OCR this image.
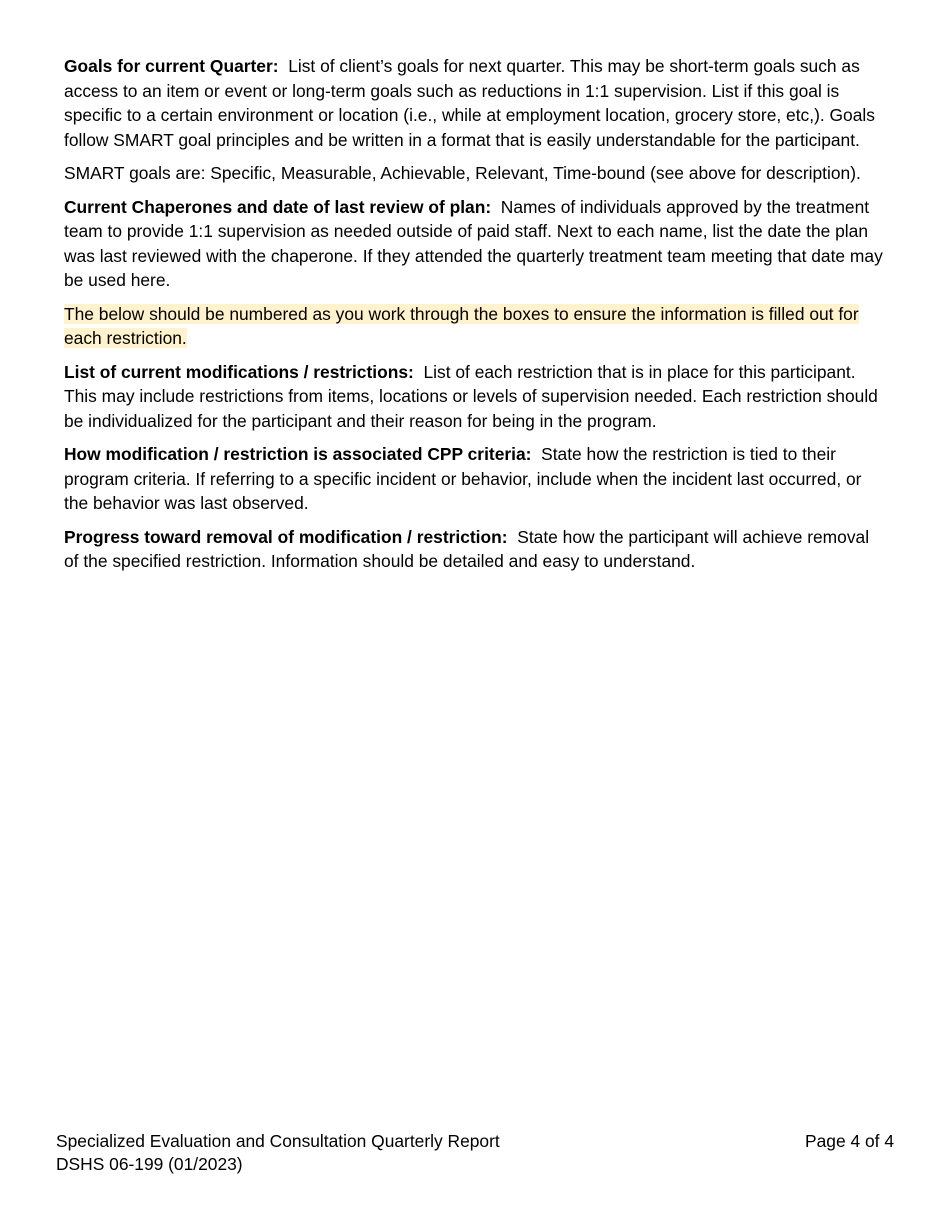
Goals for current Quarter: List of client’s goals for next quarter. This may be short-term goals such as access to an item or event or long-term goals such as reductions in 1:1 supervision. List if this goal is specific to a certain environment or location (i.e., while at employment location, grocery store, etc,). Goals follow SMART goal principles and be written in a format that is easily understandable for the participant.

SMART goals are: Specific, Measurable, Achievable, Relevant, Time-bound (see above for description).

Current Chaperones and date of last review of plan: Names of individuals approved by the treatment team to provide 1:1 supervision as needed outside of paid staff. Next to each name, list the date the plan was last reviewed with the chaperone. If they attended the quarterly treatment team meeting that date may be used here.

The below should be numbered as you work through the boxes to ensure the information is filled out for each restriction.

List of current modifications / restrictions: List of each restriction that is in place for this participant. This may include restrictions from items, locations or levels of supervision needed. Each restriction should be individualized for the participant and their reason for being in the program.

How modification / restriction is associated CPP criteria: State how the restriction is tied to their program criteria. If referring to a specific incident or behavior, include when the incident last occurred, or the behavior was last observed.

Progress toward removal of modification / restriction: State how the participant will achieve removal of the specified restriction. Information should be detailed and easy to understand.

Specialized Evaluation and Consultation Quarterly Report
DSHS 06-199 (01/2023)
Page 4 of 4
